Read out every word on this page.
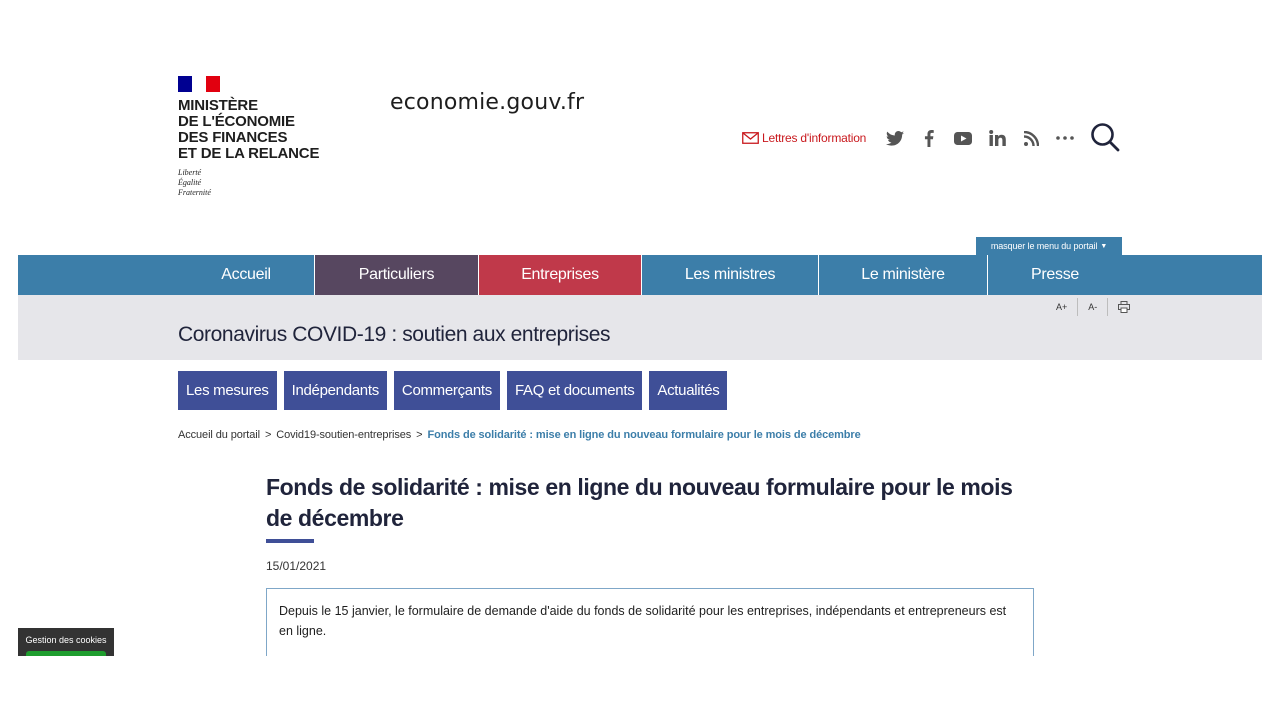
MINISTÈRE
DE L'ÉCONOMIE
DES FINANCES
ET DE LA RELANCE
Liberté
Égalité
Fraternité
economie.gouv.fr
Lettres d'information
masquer le menu du portail ▼
Accueil	Particuliers	Entreprises	Les ministres	Le ministère	Presse
A+	A-
Coronavirus COVID-19 : soutien aux entreprises
Les mesures	Indépendants	Commerçants	FAQ et documents	Actualités
Accueil du portail > Covid19-soutien-entreprises > Fonds de solidarité : mise en ligne du nouveau formulaire pour le mois de décembre
Fonds de solidarité : mise en ligne du nouveau formulaire pour le mois de décembre
15/01/2021

Depuis le 15 janvier, le formulaire de demande d'aide du fonds de solidarité pour les entreprises, indépendants et entrepreneurs est en ligne.

Gestion des cookies
